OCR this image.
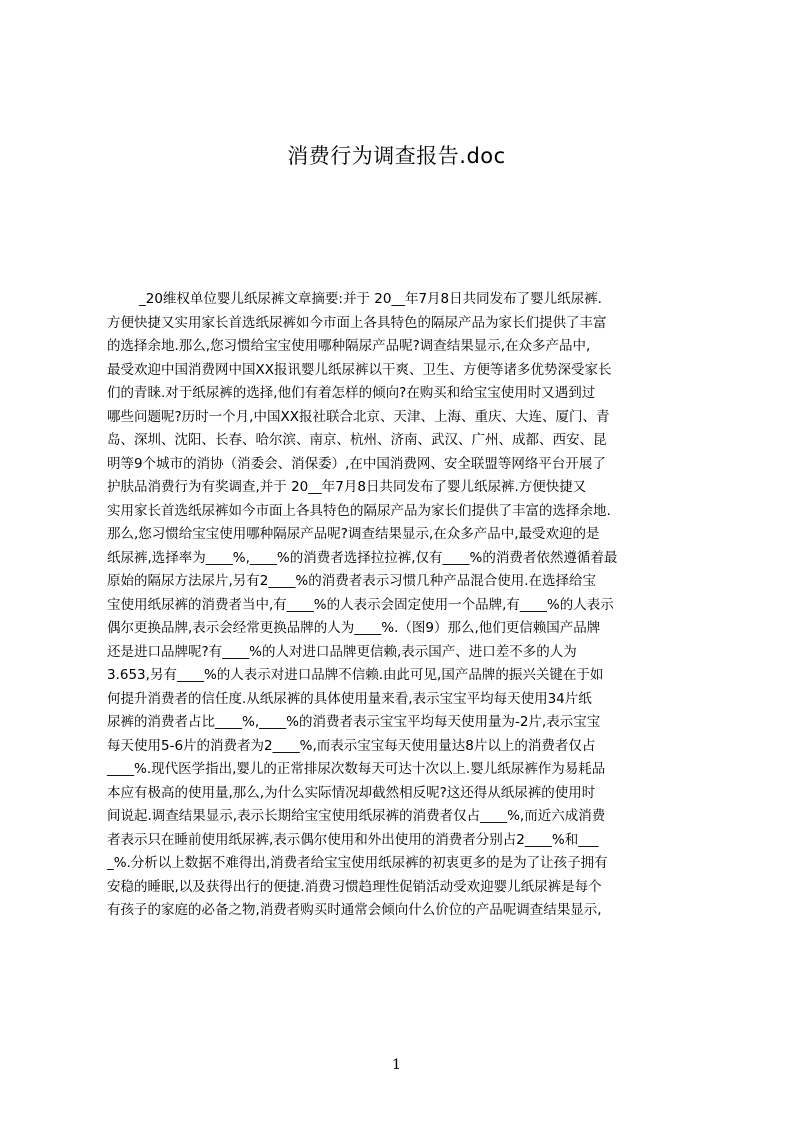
消费行为调查报告.doc
_20维权单位婴儿纸尿裤文章摘要:并于 20__年7月8日共同发布了婴儿纸尿裤.
方便快捷又实用家长首选纸尿裤如今市面上各具特色的隔尿产品为家长们提供了丰富
的选择余地.那么,您习惯给宝宝使用哪种隔尿产品呢?调查结果显示,在众多产品中,
最受欢迎中国消费网中国XX报讯婴儿纸尿裤以干爽、卫生、方便等诸多优势深受家长
们的青睐.对于纸尿裤的选择,他们有着怎样的倾向?在购买和给宝宝使用时又遇到过
哪些问题呢?历时一个月,中国XX报社联合北京、天津、上海、重庆、大连、厦门、青
岛、深圳、沈阳、长春、哈尔滨、南京、杭州、济南、武汉、广州、成都、西安、昆
明等9个城市的消协（消委会、消保委）,在中国消费网、安全联盟等网络平台开展了
护肤品消费行为有奖调查,并于 20__年7月8日共同发布了婴儿纸尿裤.方便快捷又
实用家长首选纸尿裤如今市面上各具特色的隔尿产品为家长们提供了丰富的选择余地.
那么,您习惯给宝宝使用哪种隔尿产品呢?调查结果显示,在众多产品中,最受欢迎的是
纸尿裤,选择率为____%,____%的消费者选择拉拉裤,仅有____%的消费者依然遵循着最
原始的隔尿方法尿片,另有2____%的消费者表示习惯几种产品混合使用.在选择给宝
宝使用纸尿裤的消费者当中,有____%的人表示会固定使用一个品牌,有____%的人表示
偶尔更换品牌,表示会经常更换品牌的人为____%.（图9）那么,他们更信赖国产品牌
还是进口品牌呢?有____%的人对进口品牌更信赖,表示国产、进口差不多的人为
3.653,另有____%的人表示对进口品牌不信赖.由此可见,国产品牌的振兴关键在于如
何提升消费者的信任度.从纸尿裤的具体使用量来看,表示宝宝平均每天使用34片纸
尿裤的消费者占比____%,____%的消费者表示宝宝平均每天使用量为-2片,表示宝宝
每天使用5-6片的消费者为2____%,而表示宝宝每天使用量达8片以上的消费者仅占
____%.现代医学指出,婴儿的正常排尿次数每天可达十次以上.婴儿纸尿裤作为易耗品
本应有极高的使用量,那么,为什么实际情况却截然相反呢?这还得从纸尿裤的使用时
间说起.调查结果显示,表示长期给宝宝使用纸尿裤的消费者仅占____%,而近六成消费
者表示只在睡前使用纸尿裤,表示偶尔使用和外出使用的消费者分别占2____%和___
_%.分析以上数据不难得出,消费者给宝宝使用纸尿裤的初衷更多的是为了让孩子拥有
安稳的睡眠,以及获得出行的便捷.消费习惯趋理性促销活动受欢迎婴儿纸尿裤是每个
有孩子的家庭的必备之物,消费者购买时通常会倾向什么价位的产品呢调查结果显示,
1
